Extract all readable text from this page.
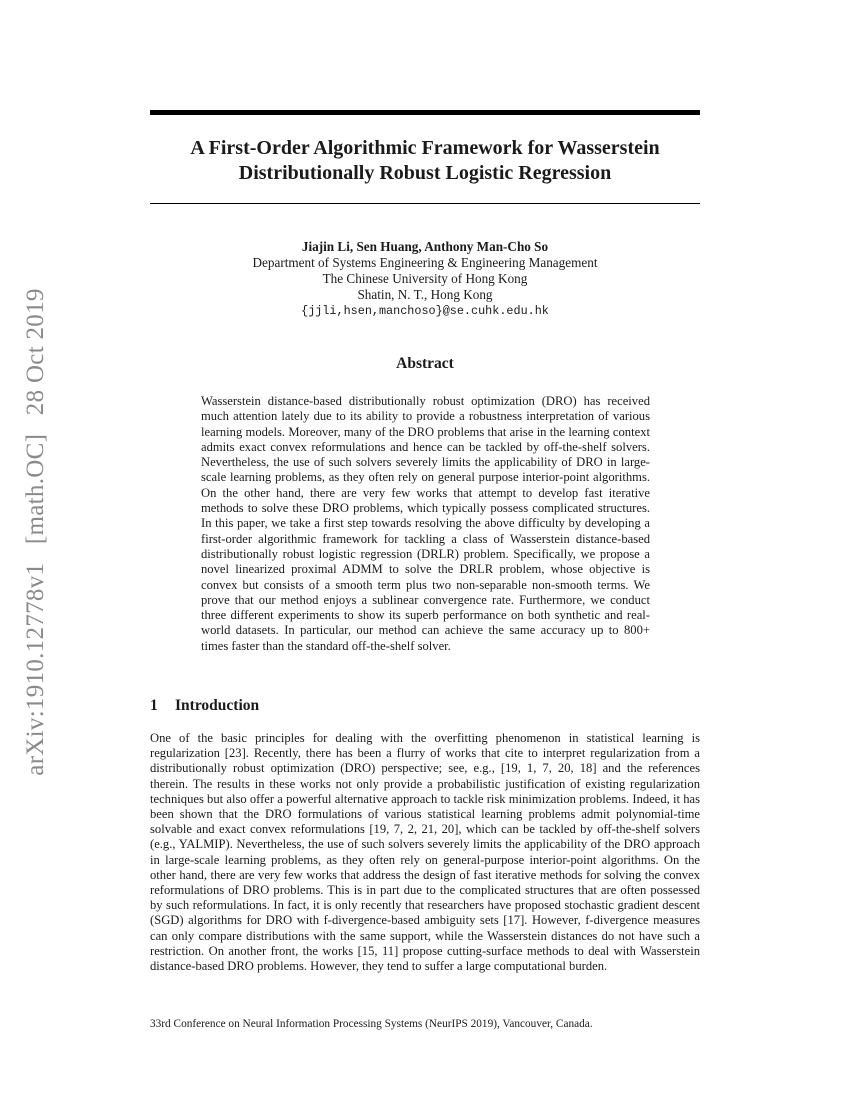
arXiv:1910.12778v1 [math.OC] 28 Oct 2019
A First-Order Algorithmic Framework for Wasserstein
Distributionally Robust Logistic Regression
Jiajin Li, Sen Huang, Anthony Man-Cho So
Department of Systems Engineering & Engineering Management
The Chinese University of Hong Kong
Shatin, N. T., Hong Kong
{jjli,hsen,manchoso}@se.cuhk.edu.hk
Abstract

Wasserstein distance-based distributionally robust optimization (DRO) has received much attention lately due to its ability to provide a robustness interpretation of various learning models. Moreover, many of the DRO problems that arise in the learning context admits exact convex reformulations and hence can be tackled by off-the-shelf solvers. Nevertheless, the use of such solvers severely limits the applicability of DRO in large-scale learning problems, as they often rely on general purpose interior-point algorithms. On the other hand, there are very few works that attempt to develop fast iterative methods to solve these DRO problems, which typically possess complicated structures. In this paper, we take a first step towards resolving the above difficulty by developing a first-order algorithmic framework for tackling a class of Wasserstein distance-based distributionally robust logistic regression (DRLR) problem. Specifically, we propose a novel linearized proximal ADMM to solve the DRLR problem, whose objective is convex but consists of a smooth term plus two non-separable non-smooth terms. We prove that our method enjoys a sublinear convergence rate. Furthermore, we conduct three different experiments to show its superb performance on both synthetic and real-world datasets. In particular, our method can achieve the same accuracy up to 800+ times faster than the standard off-the-shelf solver.

1 Introduction

One of the basic principles for dealing with the overfitting phenomenon in statistical learning is regularization [23]. Recently, there has been a flurry of works that cite to interpret regularization from a distributionally robust optimization (DRO) perspective; see, e.g., [19, 1, 7, 20, 18] and the references therein. The results in these works not only provide a probabilistic justification of existing regularization techniques but also offer a powerful alternative approach to tackle risk minimization problems. Indeed, it has been shown that the DRO formulations of various statistical learning problems admit polynomial-time solvable and exact convex reformulations [19, 7, 2, 21, 20], which can be tackled by off-the-shelf solvers (e.g., YALMIP). Nevertheless, the use of such solvers severely limits the applicability of the DRO approach in large-scale learning problems, as they often rely on general-purpose interior-point algorithms. On the other hand, there are very few works that address the design of fast iterative methods for solving the convex reformulations of DRO problems. This is in part due to the complicated structures that are often possessed by such reformulations. In fact, it is only recently that researchers have proposed stochastic gradient descent (SGD) algorithms for DRO with f-divergence-based ambiguity sets [17]. However, f-divergence measures can only compare distributions with the same support, while the Wasserstein distances do not have such a restriction. On another front, the works [15, 11] propose cutting-surface methods to deal with Wasserstein distance-based DRO problems. However, they tend to suffer a large computational burden.

33rd Conference on Neural Information Processing Systems (NeurIPS 2019), Vancouver, Canada.
